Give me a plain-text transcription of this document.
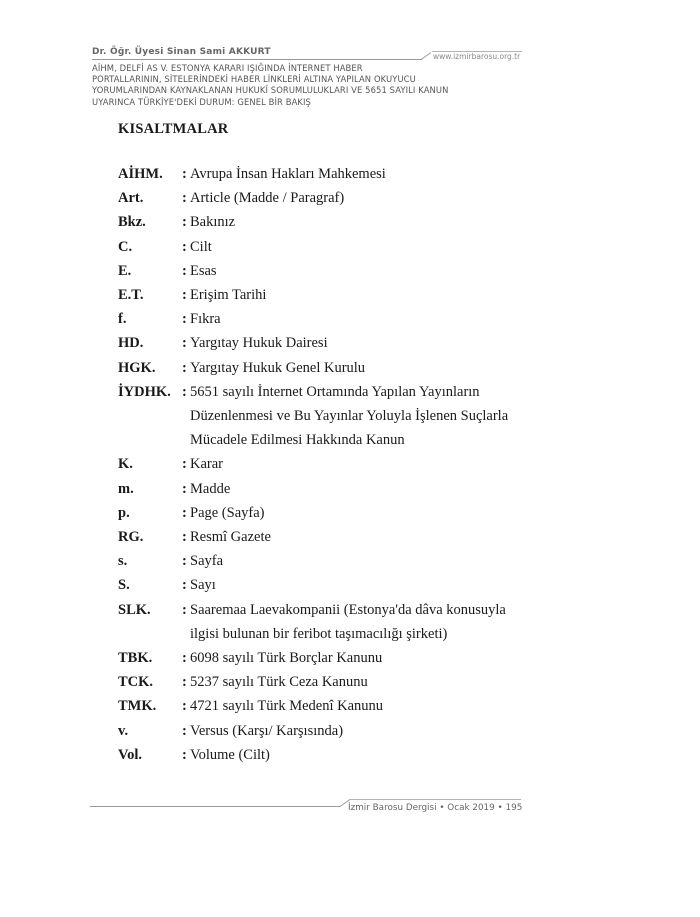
Dr. Öğr. Üyesi Sinan Sami AKKURT	www.izmirbarosu.org.tr
AİHM, DELFİ AS V. ESTONYA KARARI IŞIĞINDA İNTERNET HABER
PORTALLARININ, SİTELERİNDEKİ HABER LİNKLERİ ALTINA YAPILAN OKUYUCU
YORUMLARINDAN KAYNAKLANAN HUKUKÎ SORUMLULUKLARI VE 5651 SAYILI KANUN
UYARINCA TÜRKİYE'DEKİ DURUM: GENEL BİR BAKIŞ
KISALTMALAR
AİHM.	: Avrupa İnsan Hakları Mahkemesi
Art.	: Article (Madde / Paragraf)
Bkz.	: Bakınız
C.	: Cilt
E.	: Esas
E.T.	: Erişim Tarihi
f.	: Fıkra
HD.	: Yargıtay Hukuk Dairesi
HGK.	: Yargıtay Hukuk Genel Kurulu
İYDHK. : 5651 sayılı İnternet Ortamında Yapılan Yayınların
Düzenlenmesi ve Bu Yayınlar Yoluyla İşlenen Suçlarla
Mücadele Edilmesi Hakkında Kanun
K.	: Karar
m.	: Madde
p.	: Page (Sayfa)
RG.	: Resmî Gazete
s.	: Sayfa
S.	: Sayı
SLK.	: Saaremaa Laevakompanii (Estonya'da dâva konusuyla
ilgisi bulunan bir feribot taşımacılığı şirketi)
TBK.	: 6098 sayılı Türk Borçlar Kanunu
TCK.	: 5237 sayılı Türk Ceza Kanunu
TMK.	: 4721 sayılı Türk Medenî Kanunu
v.	: Versus (Karşı/ Karşısında)
Vol.	: Volume (Cilt)
İzmir Barosu Dergisi • Ocak 2019 • 195
